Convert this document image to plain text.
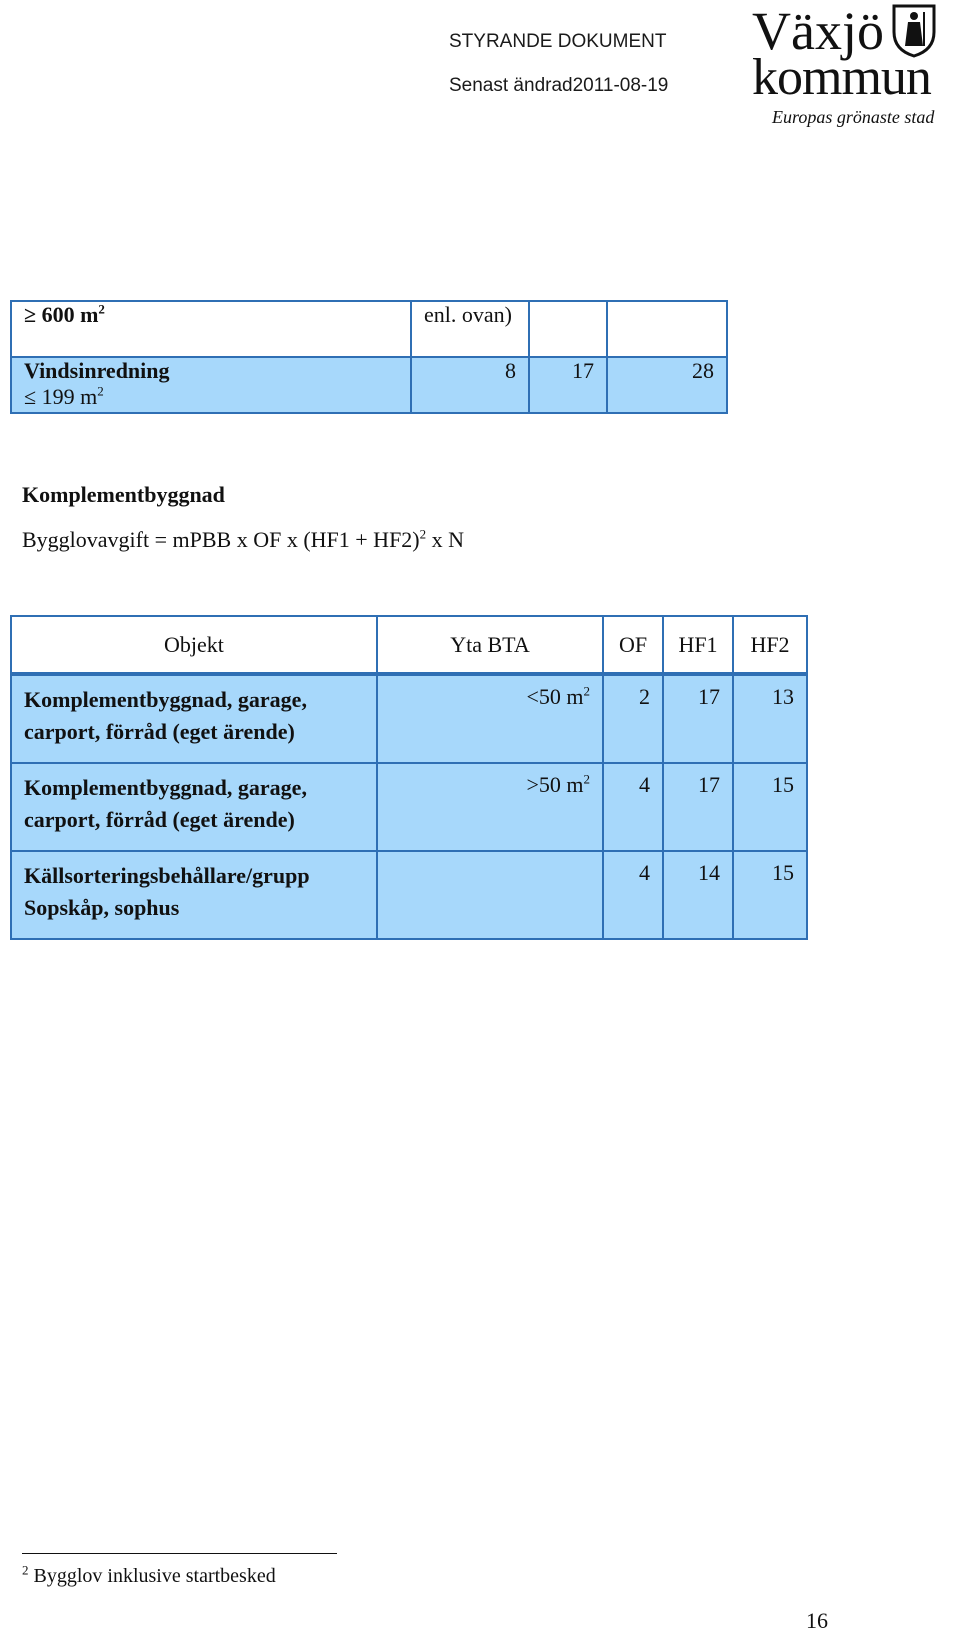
STYRANDE DOKUMENT
Senast ändrad2011-08-19
Växjö
kommun
Europas grönaste stad
≥ 600 $m^2$	enl. ovan)		

Vindsinredning
≤ 199 $m^2$	8	17	28
Komplementbyggnad
Bygglovavgift = mPBB x OF x $(HF1 + HF2)^2$ x N
Objekt	Yta BTA	OF	HF1	HF2

Komplementbyggnad, garage,
carport, förråd (eget ärende)	<50 $m^2$	2	17	13

Komplementbyggnad, garage,
carport, förråd (eget ärende)	>50 $m^2$	4	17	15

Källsorteringsbehållare/grupp
Sopskåp, sophus		4	14	15
$^2$ Bygglov inklusive startbesked
16
